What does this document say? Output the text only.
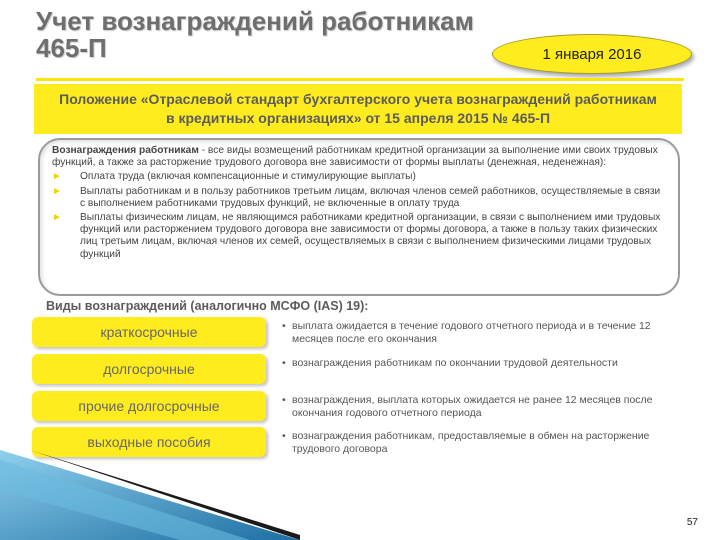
Учет вознаграждений работникам
465-П	1 января 2016
Положение «Отраслевой стандарт бухгалтерского учета вознаграждений работникам в кредитных организациях» от 15 апреля 2015 № 465-П
Вознаграждения работникам - все виды возмещений работникам кредитной организации за выполнение ими своих трудовых функций, а также за расторжение трудового договора вне зависимости от формы выплаты (денежная, неденежная):
► Оплата труда (включая компенсационные и стимулирующие выплаты)
► Выплаты работникам и в пользу работников третьим лицам, включая членов семей работников, осуществляемые в связи с выполнением работниками трудовых функций, не включенные в оплату труда
► Выплаты физическим лицам, не являющимся работниками кредитной организации, в связи с выполнением ими трудовых функций или расторжением трудового договора вне зависимости от формы договора, а также в пользу таких физических лиц третьим лицам, включая членов их семей, осуществляемых в связи с выполнением физическими лицами трудовых функций
Виды вознаграждений (аналогично МСФО (IAS) 19):
краткосрочные	• выплата ожидается в течение годового отчетного периода и в течение 12 месяцев после его окончания
долгосрочные	• вознаграждения работникам по окончании трудовой деятельности
прочие долгосрочные	• вознаграждения, выплата которых ожидается не ранее 12 месяцев после окончания годового отчетного периода
выходные пособия	• вознаграждения работникам, предоставляемые в обмен на расторжение трудового договора
57
